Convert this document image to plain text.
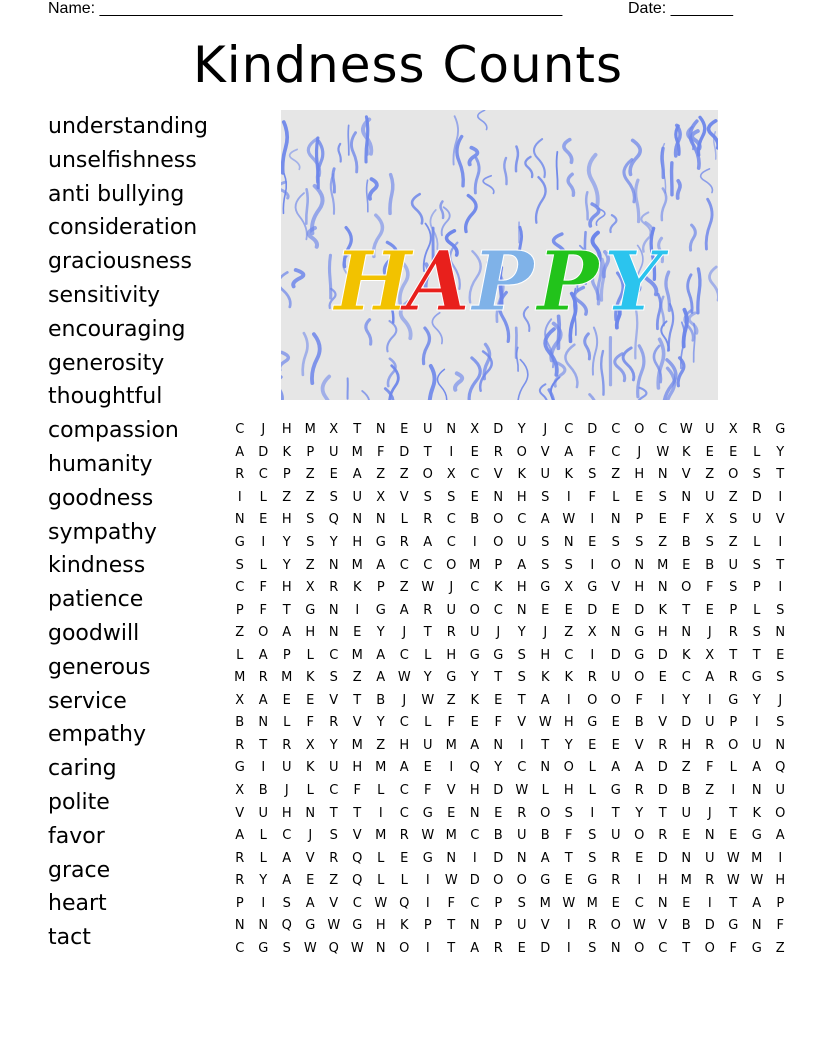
Name: ____________________________________________________	Date: _______
Kindness Counts
understanding
unselfishness
anti bullying
consideration
graciousness
sensitivity
encouraging
generosity
thoughtful
compassion
humanity
goodness
sympathy
kindness
patience
goodwill
generous
service
empathy
caring
polite
favor
grace
heart
tact
H
A P P Y
C	J	H	M	X	T	N	E	U	N	X	D	Y	J	C	D	C	O	C	W	U	X	R	G
A	D	K	P	U	M	F	D	T	I	E	R	O	V	A	F	C	J	W	K	E	E	L	Y
R	C	P	Z	E	A	Z	Z	O	X	C	V	K	U	K	S	Z	H	N	V	Z	O	S	T
I	L	Z	Z	S	U	X	V	S	S	E	N	H	S	I	F	L	E	S	N	U	Z	D	I
N	E	H	S	Q	N	N	L	R	C	B	O	C	A	W	I	N	P	E	F	X	S	U	V
G	I	Y	S	Y	H	G	R	A	C	I	O	U	S	N	E	S	S	Z	B	S	Z	L	I
S	L	Y	Z	N	M	A	C	C	O	M	P	A	S	S	I	O	N	M	E	B	U	S	T
C	F	H	X	R	K	P	Z	W	J	C	K	H	G	X	G	V	H	N	O	F	S	P	I
P	F	T	G	N	I	G	A	R	U	O	C	N	E	E	D	E	D	K	T	E	P	L	S
Z	O	A	H	N	E	Y	J	T	R	U	J	Y	J	Z	X	N	G	H	N	J	R	S	N
L	A	P	L	C	M	A	C	L	H	G	G	S	H	C	I	D	G	D	K	X	T	T	E
M	R	M	K	S	Z	A	W	Y	G	Y	T	S	K	K	R	U	O	E	C	A	R	G	S
X	A	E	E	V	T	B	J	W	Z	K	E	T	A	I	O	O	F	I	Y	I	G	Y	J
B	N	L	F	R	V	Y	C	L	F	E	F	V	W	H	G	E	B	V	D	U	P	I	S
R	T	R	X	Y	M	Z	H	U	M	A	N	I	T	Y	E	E	V	R	H	R	O	U	N
G	I	U	K	U	H	M	A	E	I	Q	Y	C	N	O	L	A	A	D	Z	F	L	A	Q
X	B	J	L	C	F	L	C	F	V	H	D	W	L	H	L	G	R	D	B	Z	I	N	U
V	U	H	N	T	T	I	C	G	E	N	E	R	O	S	I	T	Y	T	U	J	T	K	O
A	L	C	J	S	V	M	R	W	M	C	B	U	B	F	S	U	O	R	E	N	E	G	A
R	L	A	V	R	Q	L	E	G	N	I	D	N	A	T	S	R	E	D	N	U	W	M	I
R	Y	A	E	Z	Q	L	L	I	W	D	O	O	G	E	G	R	I	H	M	R	W	W	H
P	I	S	A	V	C	W	Q	I	F	C	P	S	M	W	M	E	C	N	E	I	T	A	P
N	N	Q	G	W	G	H	K	P	T	N	P	U	V	I	R	O	W	V	B	D	G	N	F
C	G	S	W	Q	W	N	O	I	T	A	R	E	D	I	S	N	O	C	T	O	F	G	Z
